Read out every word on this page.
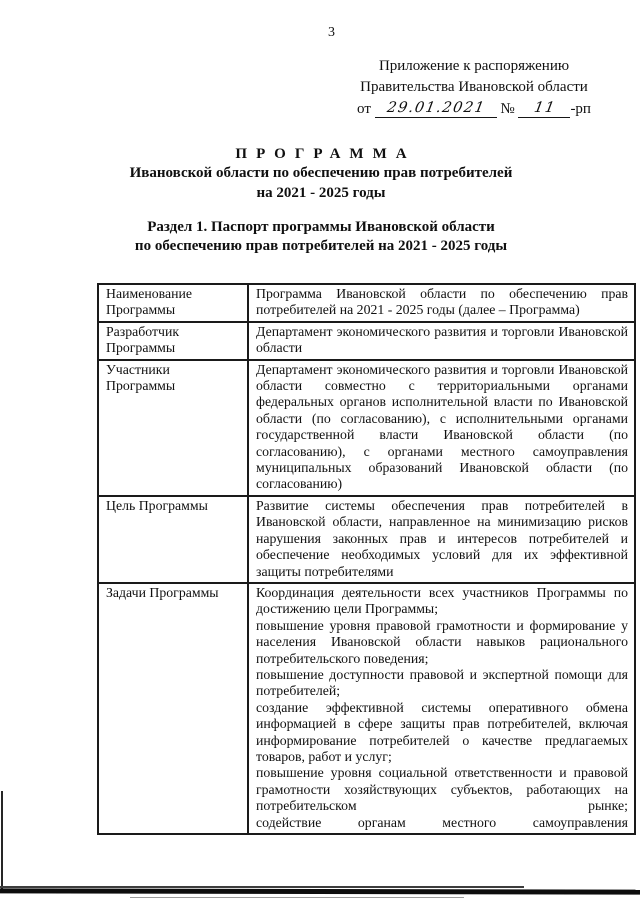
3
Приложение к распоряжению
Правительства Ивановской области
от 29.01.2021 № 11 -рп
ПРОГРАММА
Ивановской области по обеспечению прав потребителей
на 2021 - 2025 годы
Раздел 1. Паспорт программы Ивановской области
по обеспечению прав потребителей на 2021 - 2025 годы
Наименование Программы	Программа Ивановской области по обеспечению прав потребителей на 2021 - 2025 годы (далее – Программа)
Разработчик Программы	Департамент экономического развития и торговли Ивановской области
Участники Программы	Департамент экономического развития и торговли Ивановской области совместно с территориальными органами федеральных органов исполнительной власти по Ивановской области (по согласованию), с исполнительными органами государственной власти Ивановской области (по согласованию), с органами местного самоуправления муниципальных образований Ивановской области (по согласованию)
Цель Программы	Развитие системы обеспечения прав потребителей в Ивановской области, направленное на минимизацию рисков нарушения законных прав и интересов потребителей и обеспечение необходимых условий для их эффективной защиты потребителями
Задачи Программы	Координация деятельности всех участников Программы по достижению цели Программы;

повышение уровня правовой грамотности и формирование у населения Ивановской области навыков рационального потребительского поведения;

повышение доступности правовой и экспертной помощи для потребителей;

создание эффективной системы оперативного обмена информацией в сфере защиты прав потребителей, включая информирование потребителей о качестве предлагаемых товаров, работ и услуг;

повышение уровня социальной ответственности и правовой грамотности хозяйствующих субъектов, работающих на потребительском рынке;

содействие органам местного самоуправления
